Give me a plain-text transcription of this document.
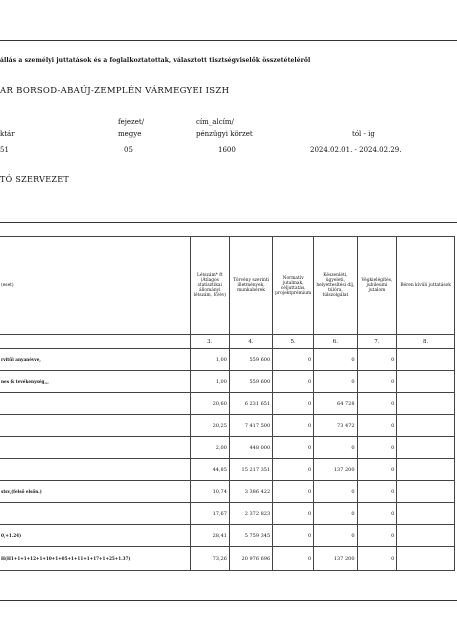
állás a személyi juttatások és a foglalkoztatottak, választott tisztségviselők összetételéről
AR BORSOD-ABAÚJ-ZEMPLÉN VÁRMEGYEI ISZH
fejezet/	cím_alcím/
ktár	megye	pénzügyi körzet	tól - ig
51	05	1600	2024.02.01. - 2024.02.29.
TÓ SZERVEZET
(eset)	Létszám* ft (Átlagos statisztikai állományi létszám, fő/év)	Törvény szerinti illetmények, munkabérek	Normatív jutalmak, céljuttatás, projektprémium	Készenléti, ügyeleti, helyettesítési díj, túlóra, túlszolgálat	Végkielégítés, jubileumi jutalom	Béren kívüli juttatások
	3.	4.	5.	6.	7.	8.
rvitűi anyanévve,	1,00	559 600	0	0	0	
nes & tevékenység,,,	1,00	559 600	0	0	0	
	20,60	6 231 651	0	64 728	0	
	20,25	7 417 500	0	73 472	0	
	2,00	448 000	0	0	0	
	44,85	15 217 351	0	137 200	0	
stsv,(felső elsőn.)	10,74	3 386 422	0	0	0	
	17,67	2 372 823	0	0	0	
0,+1.24)	28,41	5 759 345	0	0	0	
H(H1+1+1+12+1+10+1+05+1+11+1+17+1+25+1.37)	73,26	20 976 696	0	137 200	0	
